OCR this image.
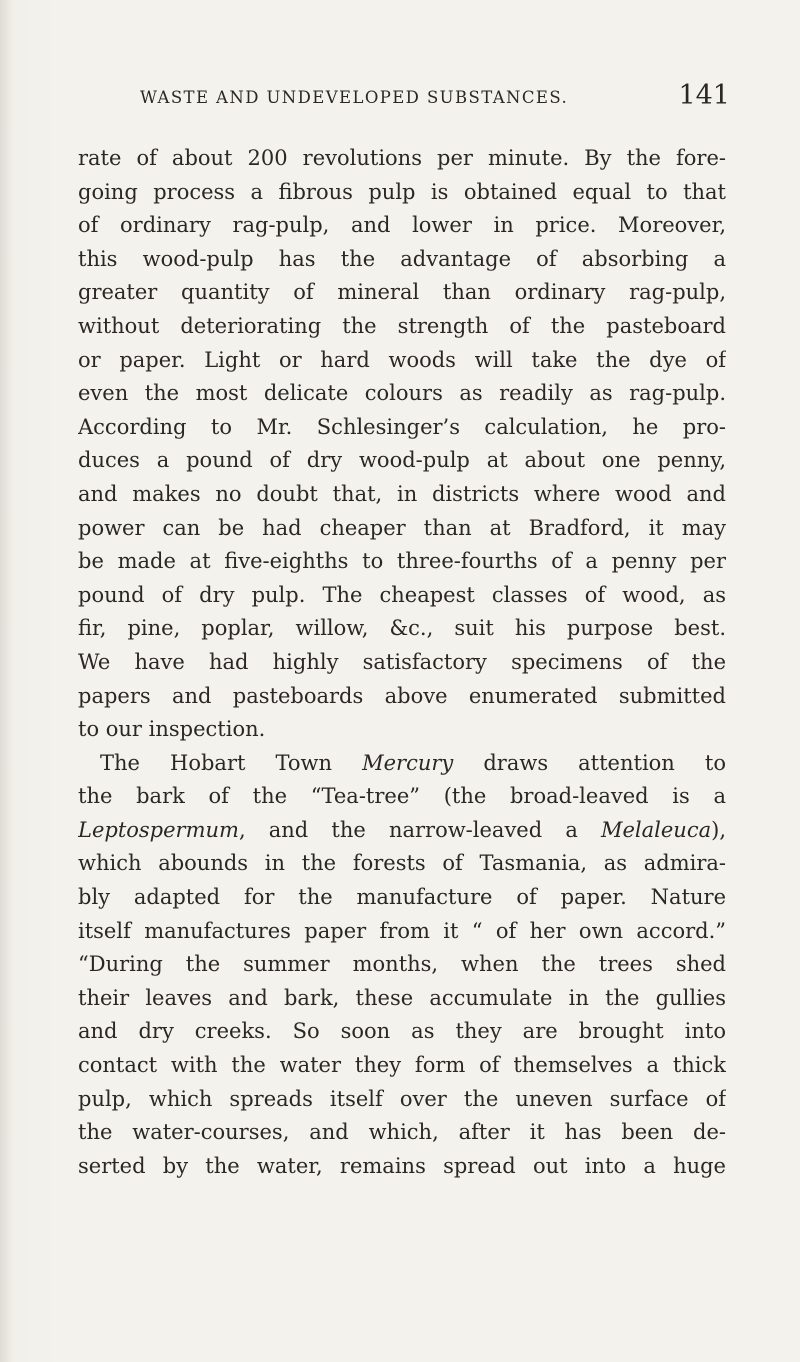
WASTE AND UNDEVELOPED SUBSTANCES.	141
rate of about 200 revolutions per minute. By the fore-
going process a fibrous pulp is obtained equal to that
of ordinary rag-pulp, and lower in price. Moreover,
this wood-pulp has the advantage of absorbing a
greater quantity of mineral than ordinary rag-pulp,
without deteriorating the strength of the pasteboard
or paper. Light or hard woods will take the dye of
even the most delicate colours as readily as rag-pulp.
According to Mr. Schlesinger’s calculation, he pro-
duces a pound of dry wood-pulp at about one penny,
and makes no doubt that, in districts where wood and
power can be had cheaper than at Bradford, it may
be made at five-eighths to three-fourths of a penny per
pound of dry pulp. The cheapest classes of wood, as
fir, pine, poplar, willow, &c., suit his purpose best.
We have had highly satisfactory specimens of the
papers and pasteboards above enumerated submitted
to our inspection.
The Hobart Town Mercury draws attention to
the bark of the “Tea-tree” (the broad-leaved is a
Leptospermum, and the narrow-leaved a Melaleuca),
which abounds in the forests of Tasmania, as admira-
bly adapted for the manufacture of paper. Nature
itself manufactures paper from it “ of her own accord.”
“During the summer months, when the trees shed
their leaves and bark, these accumulate in the gullies
and dry creeks. So soon as they are brought into
contact with the water they form of themselves a thick
pulp, which spreads itself over the uneven surface of
the water-courses, and which, after it has been de-
serted by the water, remains spread out into a huge
